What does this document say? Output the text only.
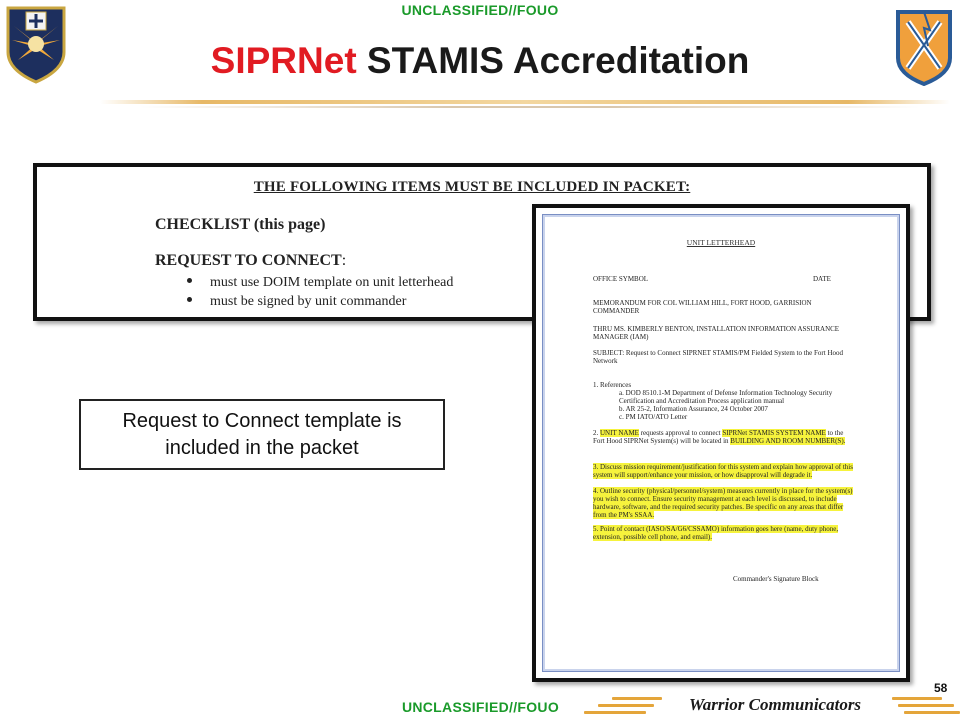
UNCLASSIFIED//FOUO
SIPRNet STAMIS Accreditation
THE FOLLOWING ITEMS MUST BE INCLUDED IN PACKET:
CHECKLIST (this page)
REQUEST TO CONNECT:
must use DOIM template on unit letterhead
must be signed by unit commander
Request to Connect template is
included in the packet
UNIT LETTERHEAD
OFFICE SYMBOL	DATE
MEMORANDUM FOR COL WILLIAM HILL, FORT HOOD, GARRISION COMMANDER
THRU MS. KIMBERLY BENTON, INSTALLATION INFORMATION ASSURANCE MANAGER (IAM)
SUBJECT: Request to Connect SIPRNET STAMIS/PM Fielded System to the Fort Hood Network
1. References
a. DOD 8510.1-M Department of Defense Information Technology Security Certification and Accreditation Process application manual
b. AR 25-2, Information Assurance, 24 October 2007
c. PM IATO/ATO Letter
2. UNIT NAME requests approval to connect SIPRNet STAMIS SYSTEM NAME to the Fort Hood SIPRNet System(s) will be located in BUILDING AND ROOM NUMBER(S).
3. Discuss mission requirement/justification for this system and explain how approval of this system will support/enhance your mission, or how disapproval will degrade it.
4. Outline security (physical/personnel/system) measures currently in place for the system(s) you wish to connect. Ensure security management at each level is discussed, to include hardware, software, and the required security patches. Be specific on any areas that differ from the PM's SSAA.
5. Point of contact (IASO/SA/G6/CSSAMO) information goes here (name, duty phone, extension, possible cell phone, and email).
Commander's Signature Block
58
UNCLASSIFIED//FOUO	Warrior Communicators
